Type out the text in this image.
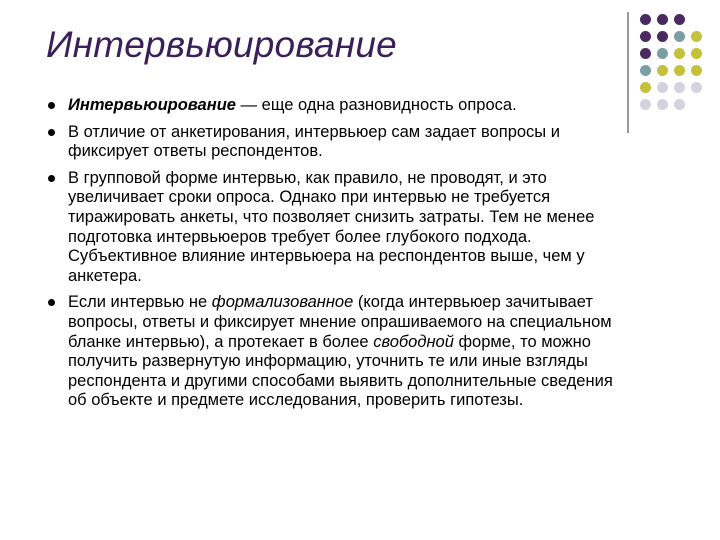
Интервьюирование
Интервьюирование — еще одна разновидность опроса.
В отличие от анкетирования, интервьюер сам задает вопросы и фиксирует ответы респондентов.
В групповой форме интервью, как правило, не проводят, и это увеличивает сроки опроса. Однако при интервью не требуется тиражировать анкеты, что позволяет снизить затраты. Тем не менее подготовка интервьюеров требует более глубокого подхода. Субъективное влияние интервьюера на респондентов выше, чем у анкетера.
Если интервью не формализованное (когда интервьюер зачитывает вопросы, ответы и фиксирует мнение опрашиваемого на специальном бланке интервью), а протекает в более свободной форме, то можно получить развернутую информацию, уточнить те или иные взгляды респондента и другими способами выявить дополнительные сведения об объекте и предмете исследования, проверить гипотезы.
